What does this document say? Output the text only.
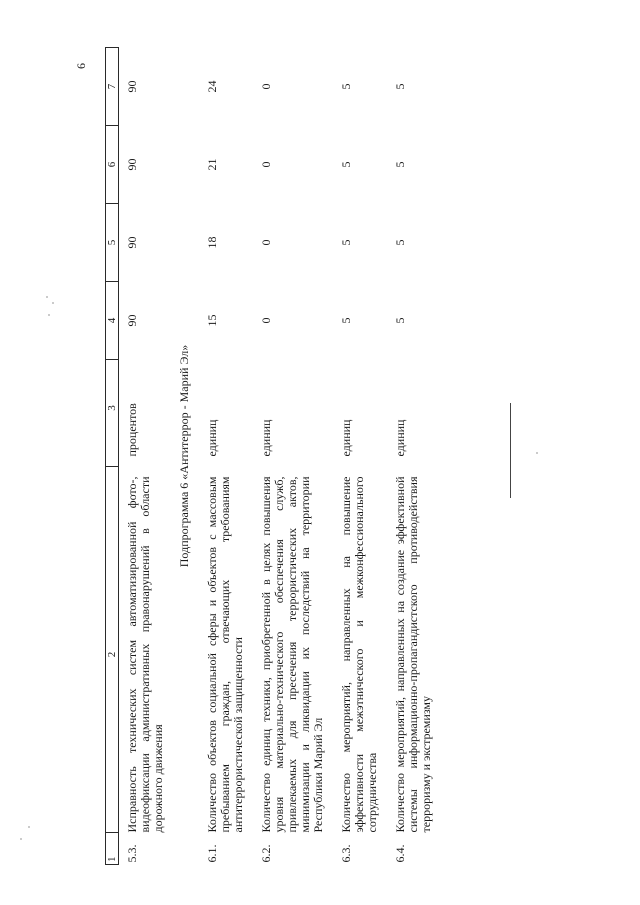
6
1	2	3	4	5	6	7
5.3.	Исправность технических систем автоматизированной фото-, видеофиксации административных правонарушений в области дорожного движения	процентов	90	90	90	90
Подпрограмма 6 «Антитеррор - Марий Эл»						
6.1.	Количество объектов социальной сферы и объектов с массовым пребыванием граждан, отвечающих требованиям антитеррористической защищенности	единиц	15	18	21	24
6.2.	Количество единиц техники, приобретенной в целях повышения уровня материально-технического обеспечения служб, привлекаемых для пресечения террористических актов, минимизации и ликвидации их последствий на территории Республики Марий Эл	единиц	0	0	0	0
6.3.	Количество мероприятий, направленных на повышение эффективности межэтнического и межконфессионального сотрудничества	единиц	5	5	5	5
6.4.	Количество мероприятий, направленных на создание эффективной системы информационно-пропагандистского противодействия терроризму и экстремизму	единиц	5	5	5	5
